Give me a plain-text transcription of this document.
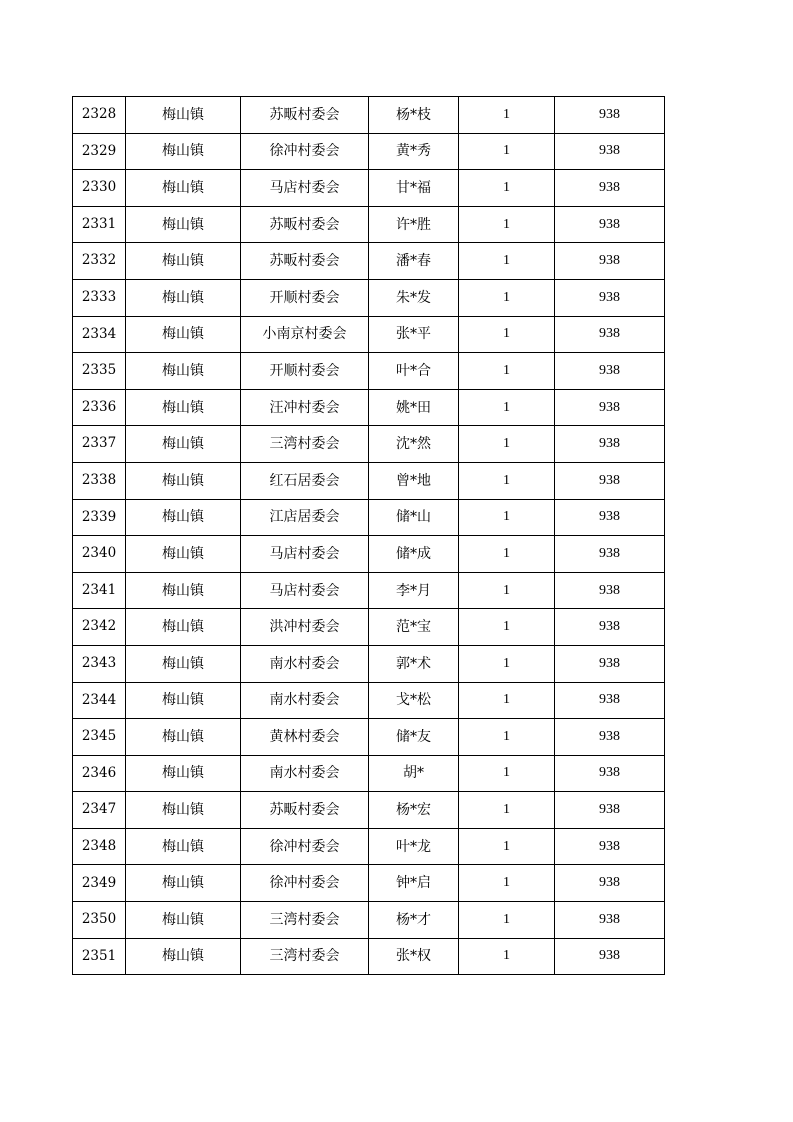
2328	梅山镇	苏畈村委会	杨*枝	1	938
2329	梅山镇	徐冲村委会	黄*秀	1	938
2330	梅山镇	马店村委会	甘*福	1	938
2331	梅山镇	苏畈村委会	许*胜	1	938
2332	梅山镇	苏畈村委会	潘*春	1	938
2333	梅山镇	开顺村委会	朱*发	1	938
2334	梅山镇	小南京村委会	张*平	1	938
2335	梅山镇	开顺村委会	叶*合	1	938
2336	梅山镇	汪冲村委会	姚*田	1	938
2337	梅山镇	三湾村委会	沈*然	1	938
2338	梅山镇	红石居委会	曾*地	1	938
2339	梅山镇	江店居委会	储*山	1	938
2340	梅山镇	马店村委会	储*成	1	938
2341	梅山镇	马店村委会	李*月	1	938
2342	梅山镇	洪冲村委会	范*宝	1	938
2343	梅山镇	南水村委会	郭*术	1	938
2344	梅山镇	南水村委会	戈*松	1	938
2345	梅山镇	黄林村委会	储*友	1	938
2346	梅山镇	南水村委会	胡*	1	938
2347	梅山镇	苏畈村委会	杨*宏	1	938
2348	梅山镇	徐冲村委会	叶*龙	1	938
2349	梅山镇	徐冲村委会	钟*启	1	938
2350	梅山镇	三湾村委会	杨*才	1	938
2351	梅山镇	三湾村委会	张*权	1	938
